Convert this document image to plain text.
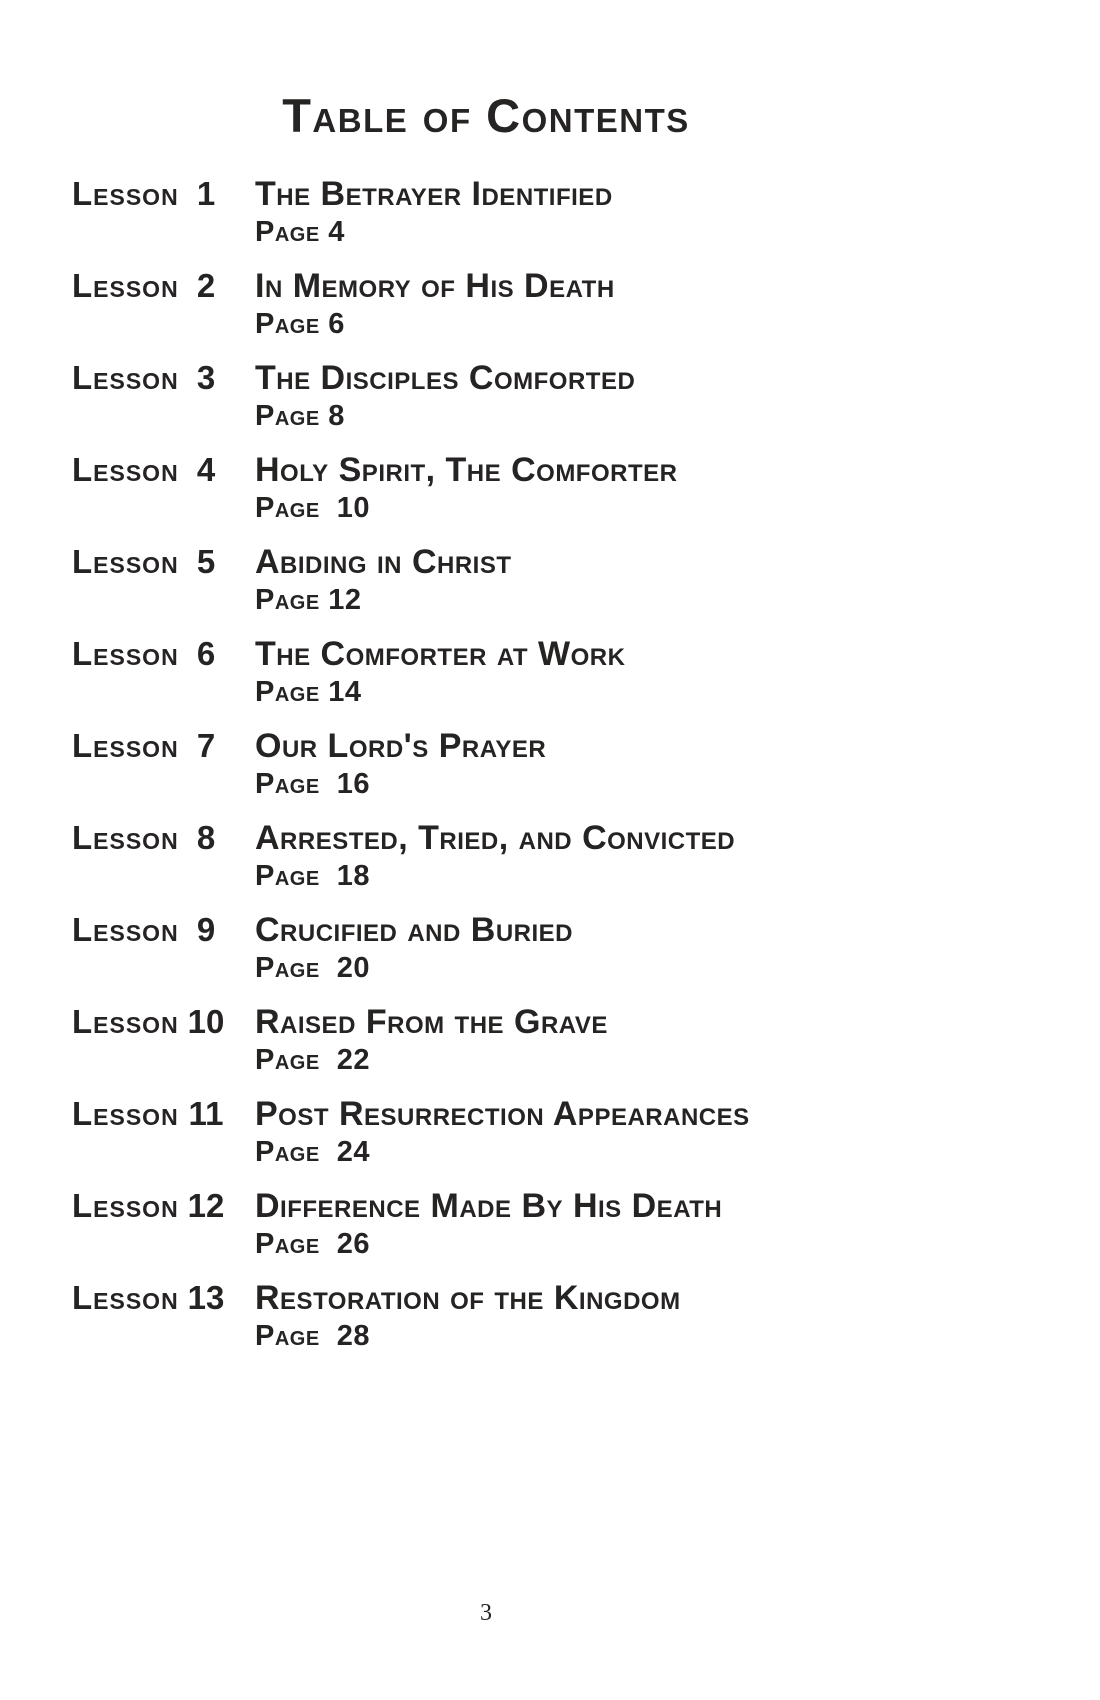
Table of Contents
Lesson 1	The Betrayer Identified
Page 4
Lesson 2	In Memory of His Death
Page 6
Lesson 3	The Disciples Comforted
Page 8
Lesson 4	Holy Spirit, The Comforter
Page  10
Lesson 5	Abiding in Christ
Page 12
Lesson 6	The Comforter at Work
Page 14
Lesson 7	Our Lord's Prayer
Page  16
Lesson 8	Arrested, Tried, and Convicted
Page  18
Lesson 9	Crucified and Buried
Page  20
Lesson 10 Raised From the Grave
Page  22
Lesson 11 Post Resurrection Appearances
Page  24
Lesson 12 Difference Made By His Death
Page  26
Lesson 13 Restoration of the Kingdom
Page  28
3
